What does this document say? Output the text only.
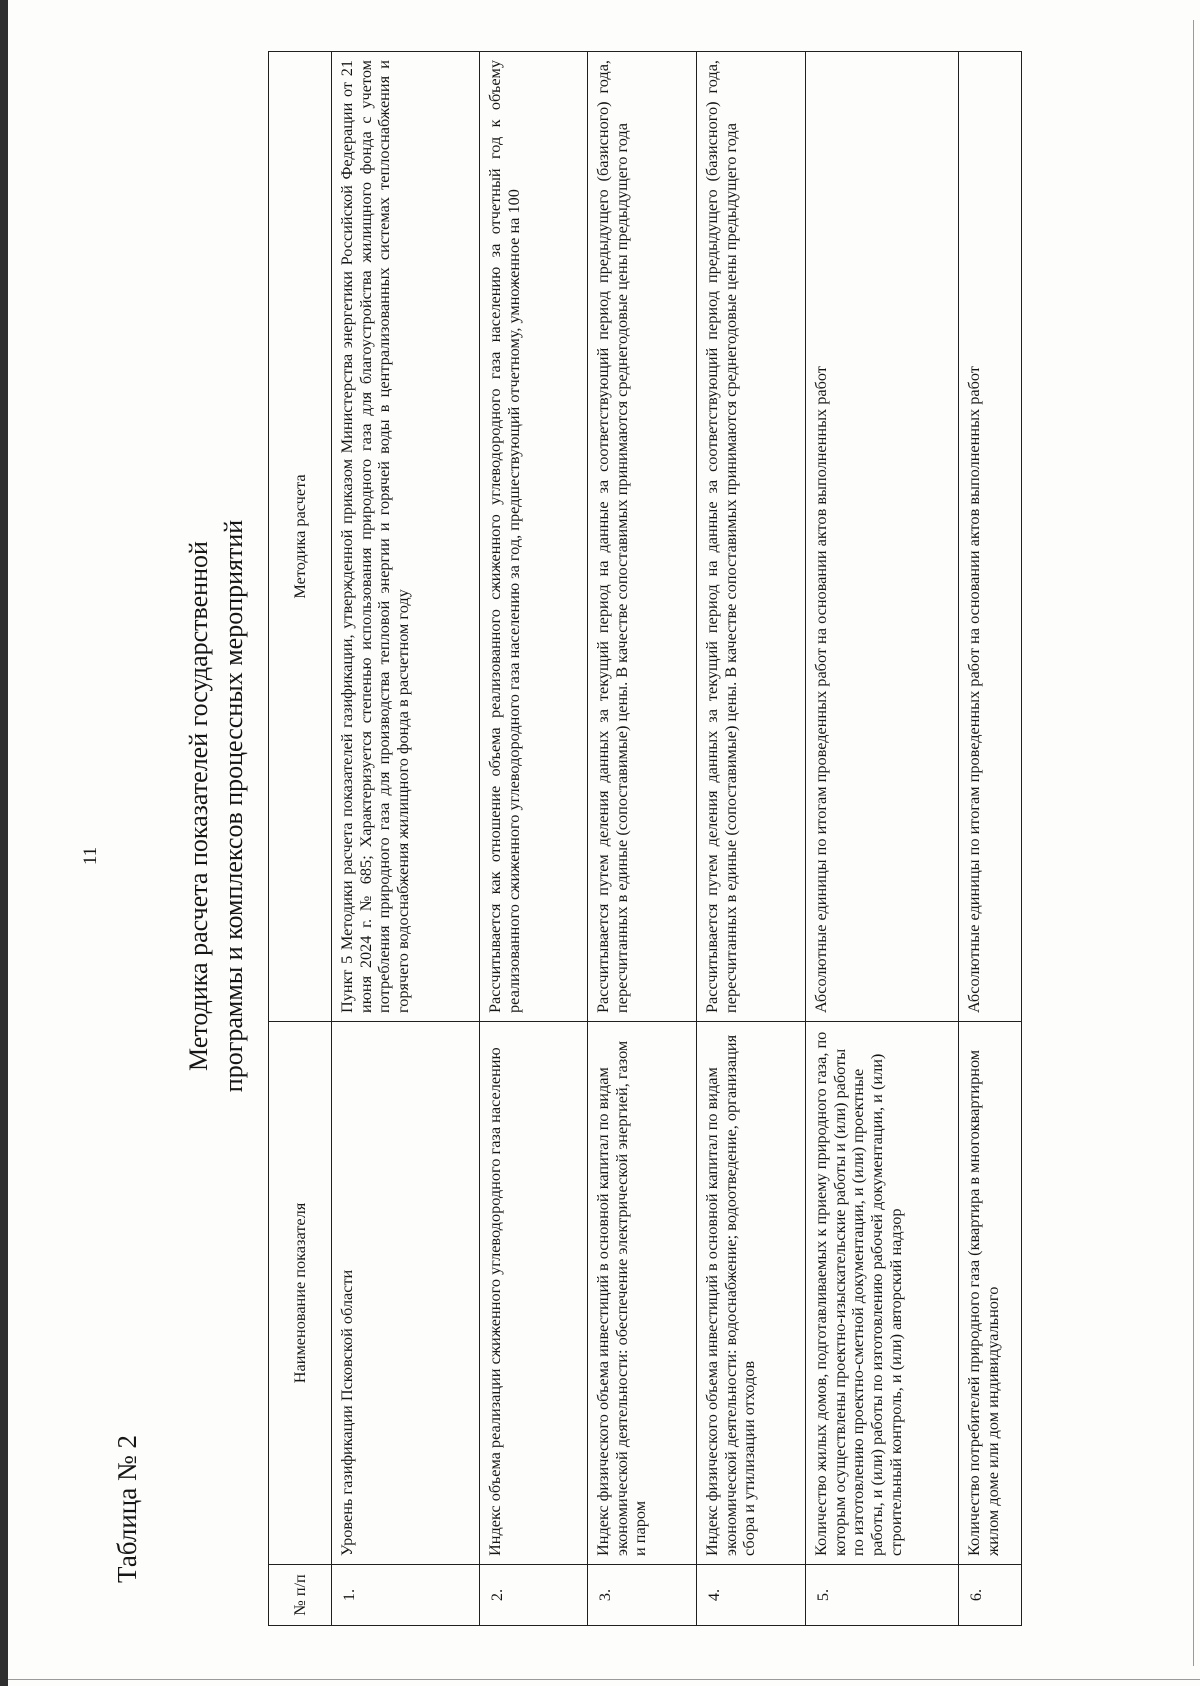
11
Таблица № 2
Методика расчета показателей государственной программы и комплексов процессных мероприятий
№ п/п	Наименование показателя	Методика расчета
1.	Уровень газификации Псковской области	Пункт 5 Методики расчета показателей газификации, утвержденной приказом Министерства энергетики Российской Федерации от 21 июня 2024 г. № 685; Характеризуется степенью использования природного газа для благоустройства жилищного фонда с учетом потребления природного газа для производства тепловой энергии и горячей воды в централизованных системах теплоснабжения и горячего водоснабжения жилищного фонда в расчетном году
2.	Индекс объема реализации сжиженного углеводородного газа населению	Рассчитывается как отношение объема реализованного сжиженного углеводородного газа населению за отчетный год к объему реализованного сжиженного углеводородного газа населению за год, предшествующий отчетному, умноженное на 100
3.	Индекс физического объема инвестиций в основной капитал по видам экономической деятельности: обеспечение электрической энергией, газом и паром	Рассчитывается путем деления данных за текущий период на данные за соответствующий период предыдущего (базисного) года, пересчитанных в единые (сопоставимые) цены. В качестве сопоставимых принимаются среднегодовые цены предыдущего года
4.	Индекс физического объема инвестиций в основной капитал по видам экономической деятельности: водоснабжение; водоотведение, организация сбора и утилизации отходов	Рассчитывается путем деления данных за текущий период на данные за соответствующий период предыдущего (базисного) года, пересчитанных в единые (сопоставимые) цены. В качестве сопоставимых принимаются среднегодовые цены предыдущего года
5.	Количество жилых домов, подготавливаемых к приему природного газа, по которым осуществлены проектно-изыскательские работы и (или) работы по изготовлению проектно-сметной документации, и (или) проектные работы, и (или) работы по изготовлению рабочей документации, и (или) строительный контроль, и (или) авторский надзор	Абсолютные единицы по итогам проведенных работ на основании актов выполненных работ
6.	Количество потребителей природного газа (квартира в многоквартирном жилом доме или дом индивидуального	Абсолютные единицы по итогам проведенных работ на основании актов выполненных работ
